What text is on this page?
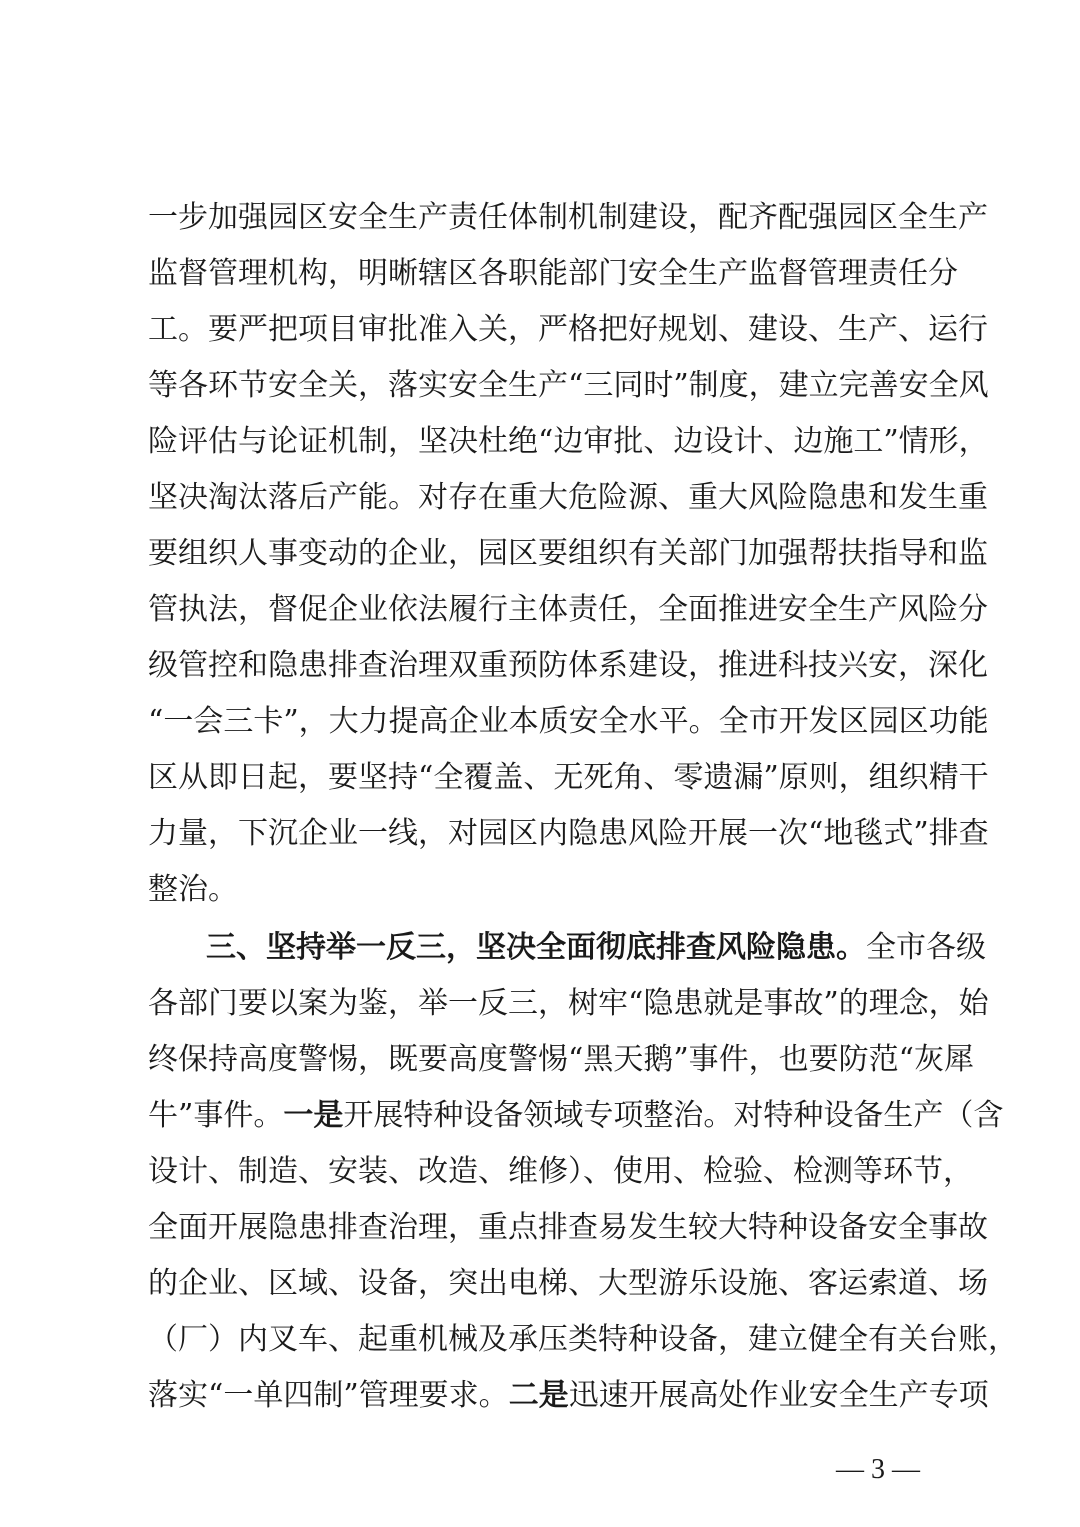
一步加强园区安全生产责任体制机制建设，配齐配强园区全生产
监督管理机构，明晰辖区各职能部门安全生产监督管理责任分
工。要严把项目审批准入关，严格把好规划、建设、生产、运行
等各环节安全关，落实安全生产“三同时”制度，建立完善安全风
险评估与论证机制，坚决杜绝“边审批、边设计、边施工”情形，
坚决淘汰落后产能。对存在重大危险源、重大风险隐患和发生重
要组织人事变动的企业，园区要组织有关部门加强帮扶指导和监
管执法，督促企业依法履行主体责任，全面推进安全生产风险分
级管控和隐患排查治理双重预防体系建设，推进科技兴安，深化
“一会三卡”，大力提高企业本质安全水平。全市开发区园区功能
区从即日起，要坚持“全覆盖、无死角、零遗漏”原则，组织精干
力量，下沉企业一线，对园区内隐患风险开展一次“地毯式”排查
整治。
三、坚持举一反三，坚决全面彻底排查风险隐患。全市各级
各部门要以案为鉴，举一反三，树牢“隐患就是事故”的理念，始
终保持高度警惕，既要高度警惕“黑天鹅”事件，也要防范“灰犀
牛”事件。一是开展特种设备领域专项整治。对特种设备生产（含
设计、制造、安装、改造、维修）、使用、检验、检测等环节，
全面开展隐患排查治理，重点排查易发生较大特种设备安全事故
的企业、区域、设备，突出电梯、大型游乐设施、客运索道、场
（厂）内叉车、起重机械及承压类特种设备，建立健全有关台账，
落实“一单四制”管理要求。二是迅速开展高处作业安全生产专项
— 3 —
